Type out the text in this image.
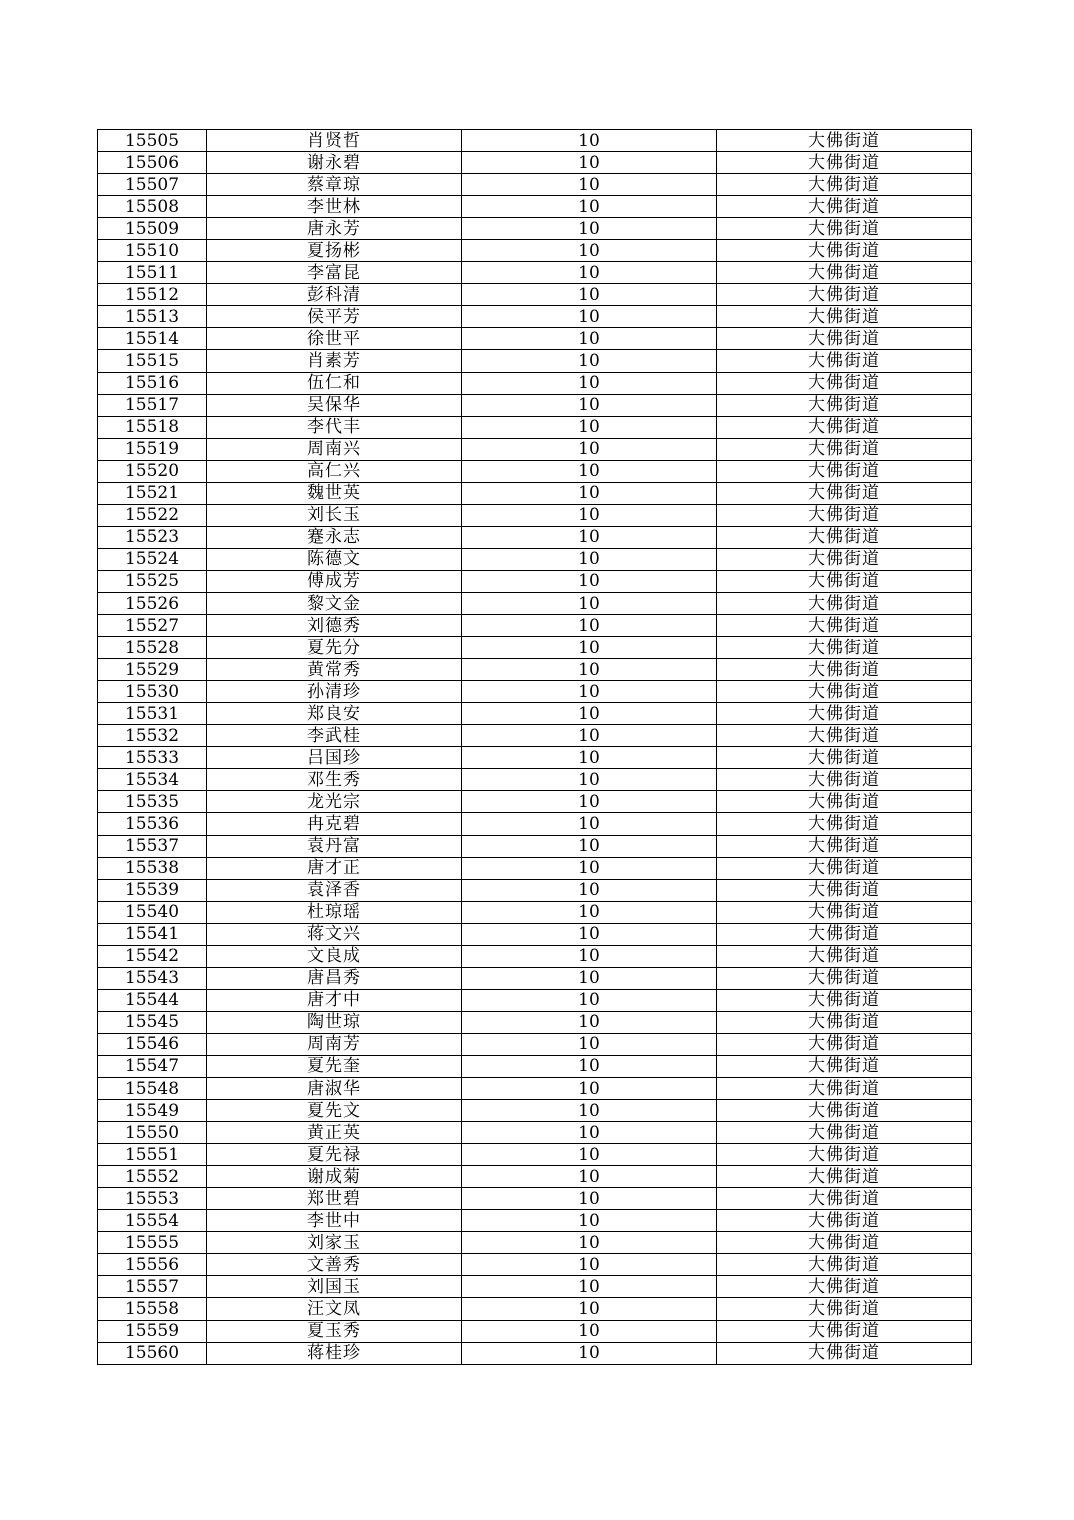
15505	肖贤哲	10	大佛街道
15506	谢永碧	10	大佛街道
15507	蔡章琼	10	大佛街道
15508	李世林	10	大佛街道
15509	唐永芳	10	大佛街道
15510	夏扬彬	10	大佛街道
15511	李富昆	10	大佛街道
15512	彭科清	10	大佛街道
15513	侯平芳	10	大佛街道
15514	徐世平	10	大佛街道
15515	肖素芳	10	大佛街道
15516	伍仁和	10	大佛街道
15517	吴保华	10	大佛街道
15518	李代丰	10	大佛街道
15519	周南兴	10	大佛街道
15520	高仁兴	10	大佛街道
15521	魏世英	10	大佛街道
15522	刘长玉	10	大佛街道
15523	蹇永志	10	大佛街道
15524	陈德文	10	大佛街道
15525	傅成芳	10	大佛街道
15526	黎文金	10	大佛街道
15527	刘德秀	10	大佛街道
15528	夏先分	10	大佛街道
15529	黄常秀	10	大佛街道
15530	孙清珍	10	大佛街道
15531	郑良安	10	大佛街道
15532	李武桂	10	大佛街道
15533	吕国珍	10	大佛街道
15534	邓生秀	10	大佛街道
15535	龙光宗	10	大佛街道
15536	冉克碧	10	大佛街道
15537	袁丹富	10	大佛街道
15538	唐才正	10	大佛街道
15539	袁泽香	10	大佛街道
15540	杜琼瑶	10	大佛街道
15541	蒋文兴	10	大佛街道
15542	文良成	10	大佛街道
15543	唐昌秀	10	大佛街道
15544	唐才中	10	大佛街道
15545	陶世琼	10	大佛街道
15546	周南芳	10	大佛街道
15547	夏先奎	10	大佛街道
15548	唐淑华	10	大佛街道
15549	夏先文	10	大佛街道
15550	黄正英	10	大佛街道
15551	夏先禄	10	大佛街道
15552	谢成菊	10	大佛街道
15553	郑世碧	10	大佛街道
15554	李世中	10	大佛街道
15555	刘家玉	10	大佛街道
15556	文善秀	10	大佛街道
15557	刘国玉	10	大佛街道
15558	汪文凤	10	大佛街道
15559	夏玉秀	10	大佛街道
15560	蒋桂珍	10	大佛街道
